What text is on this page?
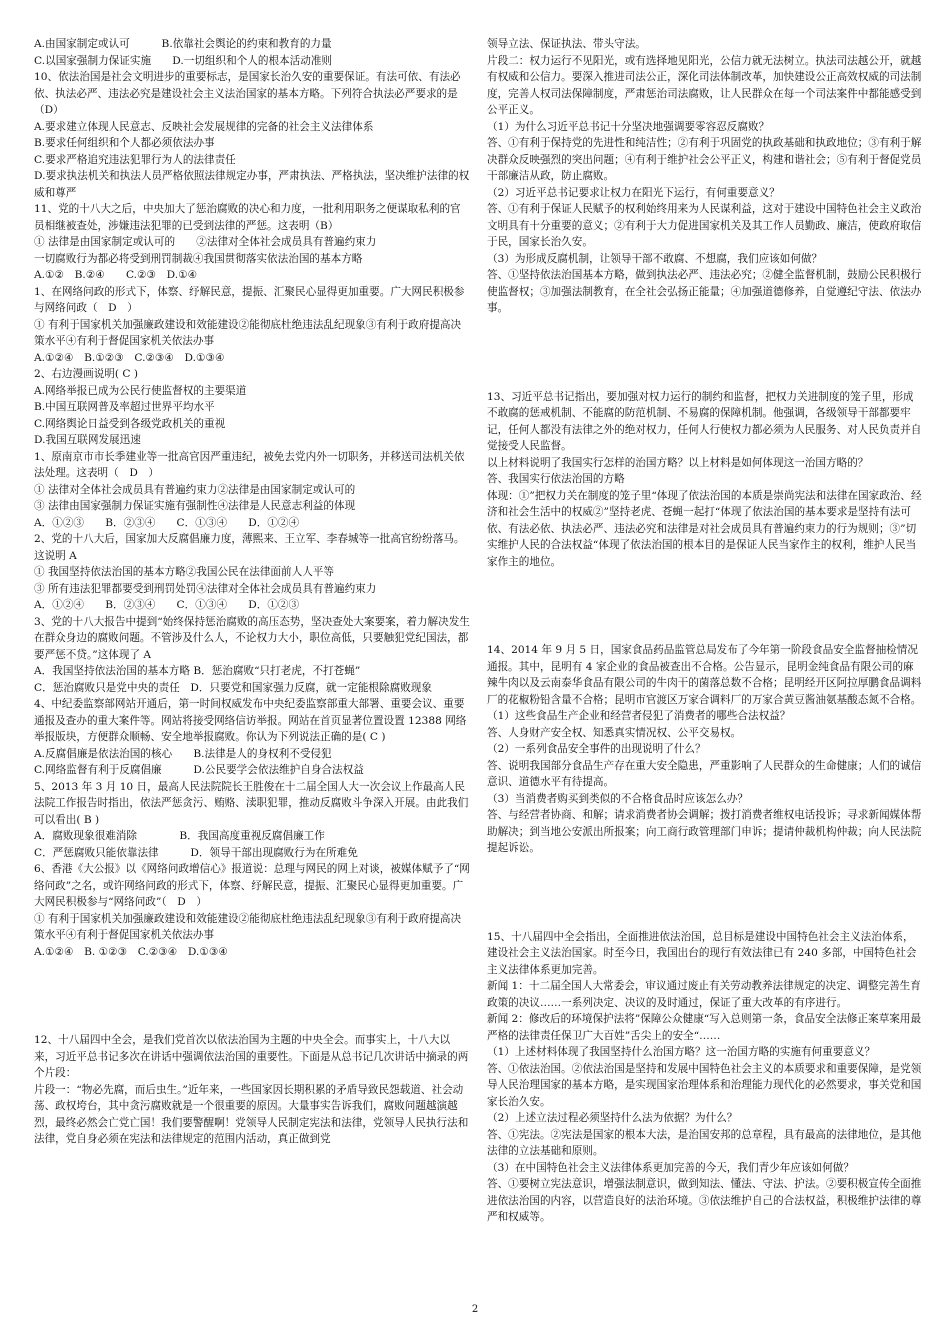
A.由国家制定或认可　　　B.依靠社会舆论的约束和教育的力量

C.以国家强制力保证实施　　D.一切组织和个人的根本活动准则

10、依法治国是社会文明进步的重要标志，是国家长治久安的重要保证。有法可依、有法必依、执法必严、违法必究是建设社会主义法治国家的基本方略。下列符合执法必严要求的是（D）

A.要求建立体现人民意志、反映社会发展规律的完备的社会主义法律体系

B.要求任何组织和个人都必须依法办事

C.要求严格追究违法犯罪行为人的法律责任

D.要求执法机关和执法人员严格依照法律规定办事，严肃执法、严格执法，坚决维护法律的权威和尊严

11、党的十八大之后，中央加大了惩治腐败的决心和力度，一批利用职务之便谋取私利的官员相继被查处，涉嫌违法犯罪的已受到法律的严惩。这表明（B）

① 法律是由国家制定或认可的　　②法律对全体社会成员具有普遍约束力

一切腐败行为都必将受到刑罚制裁④我国贯彻落实依法治国的基本方略

A.①②　B.②④　　C.②③　D.①④

1、在网络问政的形式下，体察、纾解民意，提振、汇聚民心显得更加重要。广大网民积极参与网络问政（　D　）

① 有利于国家机关加强廉政建设和效能建设②能彻底杜绝违法乱纪现象③有利于政府提高决策水平④有利于督促国家机关依法办事

A.①②④　B.①②③　C.②③④　D.①③④

2、右边漫画说明( C )

A.网络举报已成为公民行使监督权的主要渠道

B.中国互联网普及率超过世界平均水平

C.网络舆论日益受到各级党政机关的重视

D.我国互联网发展迅速

1、原南京市市长季建业等一批高官因严重违纪，被免去党内外一切职务，并移送司法机关依法处理。这表明（　D　）

① 法律对全体社会成员具有普遍约束力②法律是由国家制定或认可的

③ 法律由国家强制力保证实施有强制性④法律是人民意志利益的体现

A．①②③　　B．②③④　　C．①③④　　D．①②④

2、党的十八大后，国家加大反腐倡廉力度，薄熙来、王立军、李春城等一批高官纷纷落马。这说明 A

① 我国坚持依法治国的基本方略②我国公民在法律面前人人平等

③ 所有违法犯罪都要受到刑罚处罚④法律对全体社会成员具有普遍约束力

A．①②④　　B．②③④　　C．①③④　　D．①②③

3、党的十八大报告中提到“始终保持惩治腐败的高压态势，坚决查处大案要案，着力解决发生在群众身边的腐败问题。不管涉及什么人，不论权力大小，职位高低，只要触犯党纪国法，都要严惩不贷。”这体现了 A

A．我国坚持依法治国的基本方略 B．惩治腐败“只打老虎，不打苍蝇”

C．惩治腐败只是党中央的责任　D．只要党和国家强力反腐，就一定能根除腐败现象

4、中纪委监察部网站开通后，第一时间权威发布中央纪委监察部重大部署、重要会议、重要通报及查办的重大案件等。网站将接受网络信访举报。网站在首页显著位置设置 12388 网络举报版块，方便群众顺畅、安全地举报腐败。你认为下列说法正确的是( C )

A.反腐倡廉是依法治国的核心　　B.法律是人的身权利不受侵犯

C.网络监督有利于反腐倡廉　　　D.公民要学会依法维护自身合法权益

5、2013 年 3 月 10 日，最高人民法院院长王胜俊在十二届全国人大一次会议上作最高人民法院工作报告时指出，依法严惩贪污、贿赂、渎职犯罪，推动反腐败斗争深入开展。由此我们可以看出( B )

A．腐败现象很难消除　　　　B．我国高度重视反腐倡廉工作

C．严惩腐败只能依靠法律　　　D．领导干部出现腐败行为在所难免

6、香港《大公报》以《网络问政增信心》报道说：总理与网民的网上对谈，被媒体赋予了“网络问政”之名，或许网络问政的形式下，体察、纾解民意，提振、汇聚民心显得更加重要。广大网民积极参与“网络问政”（　D　）

① 有利于国家机关加强廉政建设和效能建设②能彻底杜绝违法乱纪现象③有利于政府提高决策水平④有利于督促国家机关依法办事

A.①②④　B. ①②③　C.②③④　D.①③④

12、十八届四中全会，是我们党首次以依法治国为主题的中央全会。而事实上，十八大以来，习近平总书记多次在讲话中强调依法治国的重要性。下面是从总书记几次讲话中摘录的两个片段：

片段一：“物必先腐，而后虫生。”近年来，一些国家因长期积累的矛盾导致民怨载道、社会动荡、政权垮台，其中贪污腐败就是一个很重要的原因。大量事实告诉我们，腐败问题越演越烈，最终必然会亡党亡国！我们要警醒啊！党领导人民制定宪法和法律，党领导人民执行法和法律，党自身必须在宪法和法律规定的范围内活动，真正做到党

领导立法、保证执法、带头守法。

片段二：权力运行不见阳光，或有选择地见阳光，公信力就无法树立。执法司法越公开，就越有权威和公信力。要深入推进司法公正，深化司法体制改革，加快建设公正高效权威的司法制度，完善人权司法保障制度，严肃惩治司法腐败，让人民群众在每一个司法案件中都能感受到公平正义。

（1）为什么习近平总书记十分坚决地强调要零容忍反腐败？

答、①有利于保持党的先进性和纯洁性；②有利于巩固党的执政基础和执政地位；③有利于解决群众反映强烈的突出问题；④有利于维护社会公平正义，构建和谐社会；⑤有利于督促党员干部廉洁从政，防止腐败。

（2）习近平总书记要求让权力在阳光下运行，有何重要意义？

答、①有利于保证人民赋予的权利始终用来为人民谋利益，这对于建设中国特色社会主义政治文明具有十分重要的意义；②有利于大力促进国家机关及其工作人员勤政、廉洁，使政府取信于民，国家长治久安。

（3）为形成反腐机制，让领导干部不敢腐、不想腐，我们应该如何做？

答、①坚持依法治国基本方略，做到执法必严、违法必究；②健全监督机制，鼓励公民积极行使监督权；③加强法制教育，在全社会弘扬正能量；④加强道德修养，自觉遵纪守法、依法办事。

13、习近平总书记指出，要加强对权力运行的制约和监督，把权力关进制度的笼子里，形成不敢腐的惩戒机制、不能腐的防范机制、不易腐的保障机制。他强调，各级领导干部都要牢记，任何人都没有法律之外的绝对权力，任何人行使权力都必须为人民服务、对人民负责并自觉接受人民监督。

以上材料说明了我国实行怎样的治国方略？以上材料是如何体现这一治国方略的？

答、我国实行依法治国的方略

体现：①”把权力关在制度的笼子里“体现了依法治国的本质是崇尚宪法和法律在国家政治、经济和社会生活中的权威②”坚持老虎、苍蝇一起打“体现了依法治国的基本要求是坚持有法可依、有法必依、执法必严、违法必究和法律是对社会成员具有普遍约束力的行为规则；③”切实维护人民的合法权益“体现了依法治国的根本目的是保证人民当家作主的权利，维护人民当家作主的地位。

14、2014 年 9 月 5 日，国家食品药品监管总局发布了今年第一阶段食品安全监督抽检情况通报。其中，昆明有 4 家企业的食品被查出不合格。公告显示，昆明金纯食品有限公司的麻辣牛肉以及云南泰华食品有限公司的牛肉干的菌落总数不合格；昆明经开区阿拉厚鹏食品调料厂的花椒粉铅含量不合格；昆明市官渡区万家合调料厂的万家合黄豆酱油氨基酸态氮不合格。

（1）这些食品生产企业和经营者侵犯了消费者的哪些合法权益？

答、人身财产安全权、知悉真实情况权、公平交易权。

（2）一系列食品安全事件的出现说明了什么？

答、说明我国部分食品生产存在重大安全隐患，严重影响了人民群众的生命健康；人们的诚信意识、道德水平有待提高。

（3）当消费者购买到类似的不合格食品时应该怎么办？

答、与经营者协商、和解；请求消费者协会调解；拨打消费者维权电话投诉；寻求新闻媒体帮助解决；到当地公安派出所报案；向工商行政管理部门申诉；提请仲裁机构仲裁；向人民法院提起诉讼。

15、十八届四中全会指出，全面推进依法治国，总目标是建设中国特色社会主义法治体系，建设社会主义法治国家。时至今日，我国出台的现行有效法律已有 240 多部，中国特色社会主义法律体系更加完善。

新闻 1：十二届全国人大常委会，审议通过废止有关劳动教养法律规定的决定、调整完善生育政策的决议……一系列决定、决议的及时通过，保证了重大改革的有序进行。

新闻 2：修改后的环境保护法将”保障公众健康“写入总则第一条，食品安全法修正案草案用最严格的法律责任保卫广大百姓”舌尖上的安全“……

（1）上述材料体现了我国坚持什么治国方略？这一治国方略的实施有何重要意义？

答、①依法治国。②依法治国是坚持和发展中国特色社会主义的本质要求和重要保障，是党领导人民治理国家的基本方略，是实现国家治理体系和治理能力现代化的必然要求，事关党和国家长治久安。

（2）上述立法过程必须坚持什么法为依据？为什么？

答、①宪法。②宪法是国家的根本大法，是治国安邦的总章程，具有最高的法律地位，是其他法律的立法基础和原则。

（3）在中国特色社会主义法律体系更加完善的今天，我们青少年应该如何做？

答、①要树立宪法意识，增强法制意识，做到知法、懂法、守法、护法。②要积极宣传全面推进依法治国的内容，以营造良好的法治环境。③依法维护自己的合法权益，积极维护法律的尊严和权威等。

2
